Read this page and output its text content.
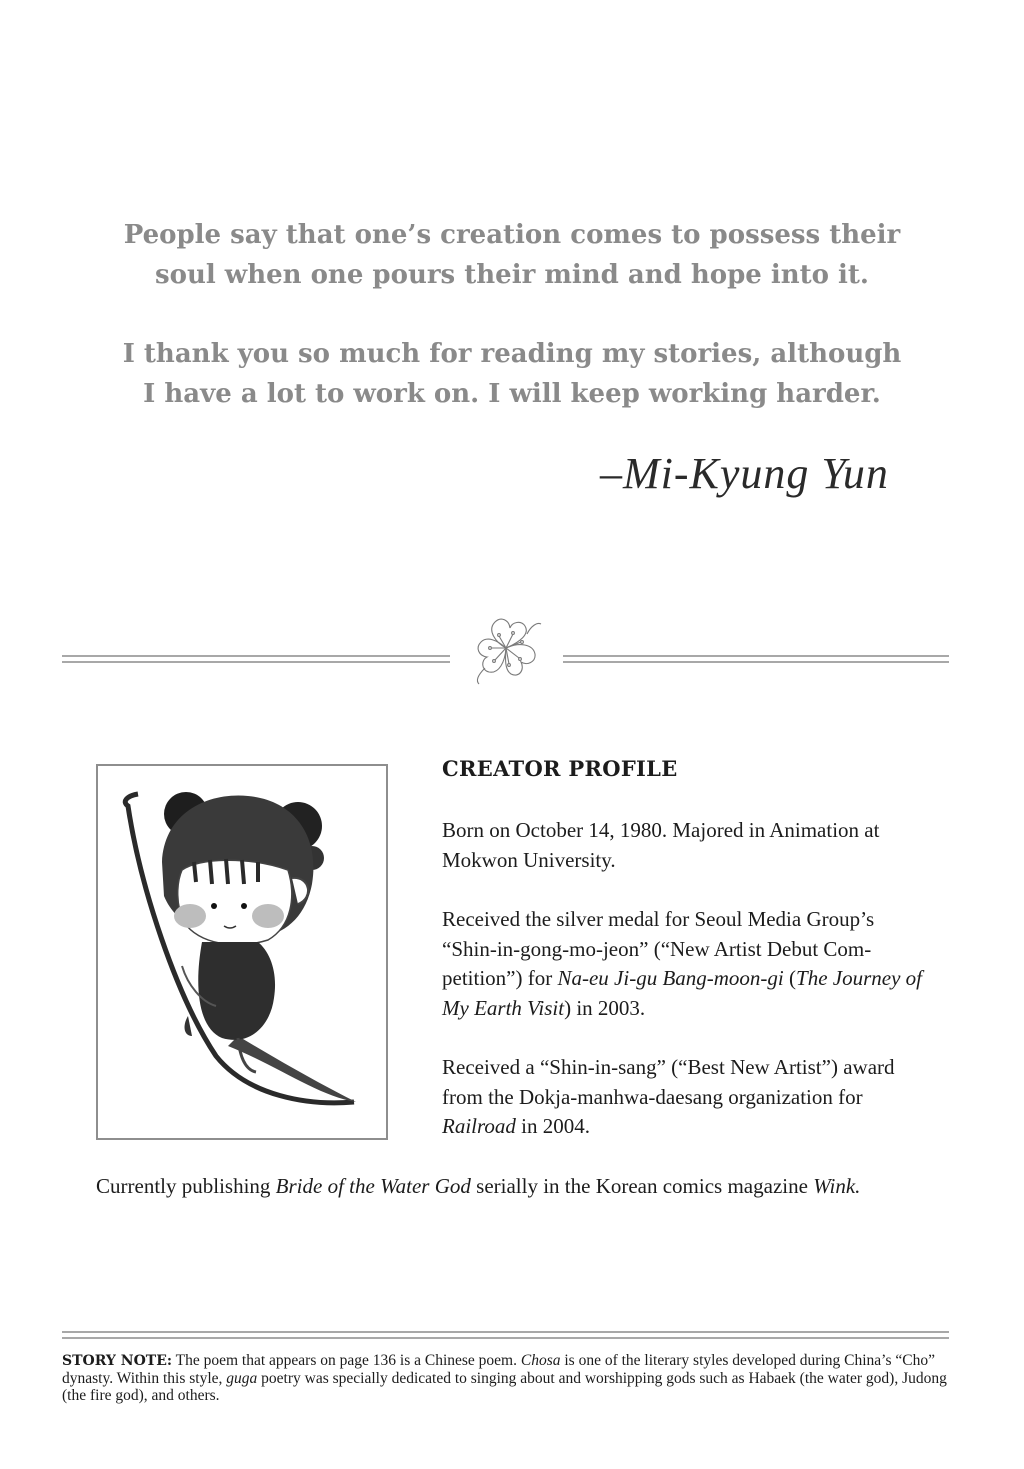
People say that one’s creation comes to possess their
soul when one pours their mind and hope into it.

I thank you so much for reading my stories, although
I have a lot to work on. I will keep working harder.

–Mi-Kyung Yun
CREATOR PROFILE

Born on October 14, 1980. Majored in Animation at
Mokwon University.

Received the silver medal for Seoul Media Group’s
“Shin-in-gong-mo-jeon” (“New Artist Debut Com-
petition”) for Na-eu Ji-gu Bang-moon-gi (The Journey of
My Earth Visit) in 2003.

Received a “Shin-in-sang” (“Best New Artist”) award
from the Dokja-manhwa-daesang organization for
Railroad in 2004.

Currently publishing Bride of the Water God serially in the Korean comics magazine Wink.

STORY NOTE: The poem that appears on page 136 is a Chinese poem. Chosa is one of the literary styles developed during China’s “Cho” dynasty. Within this style, guga poetry was specially dedicated to singing about and worshipping gods such as Habaek (the water god), Judong (the fire god), and others.
